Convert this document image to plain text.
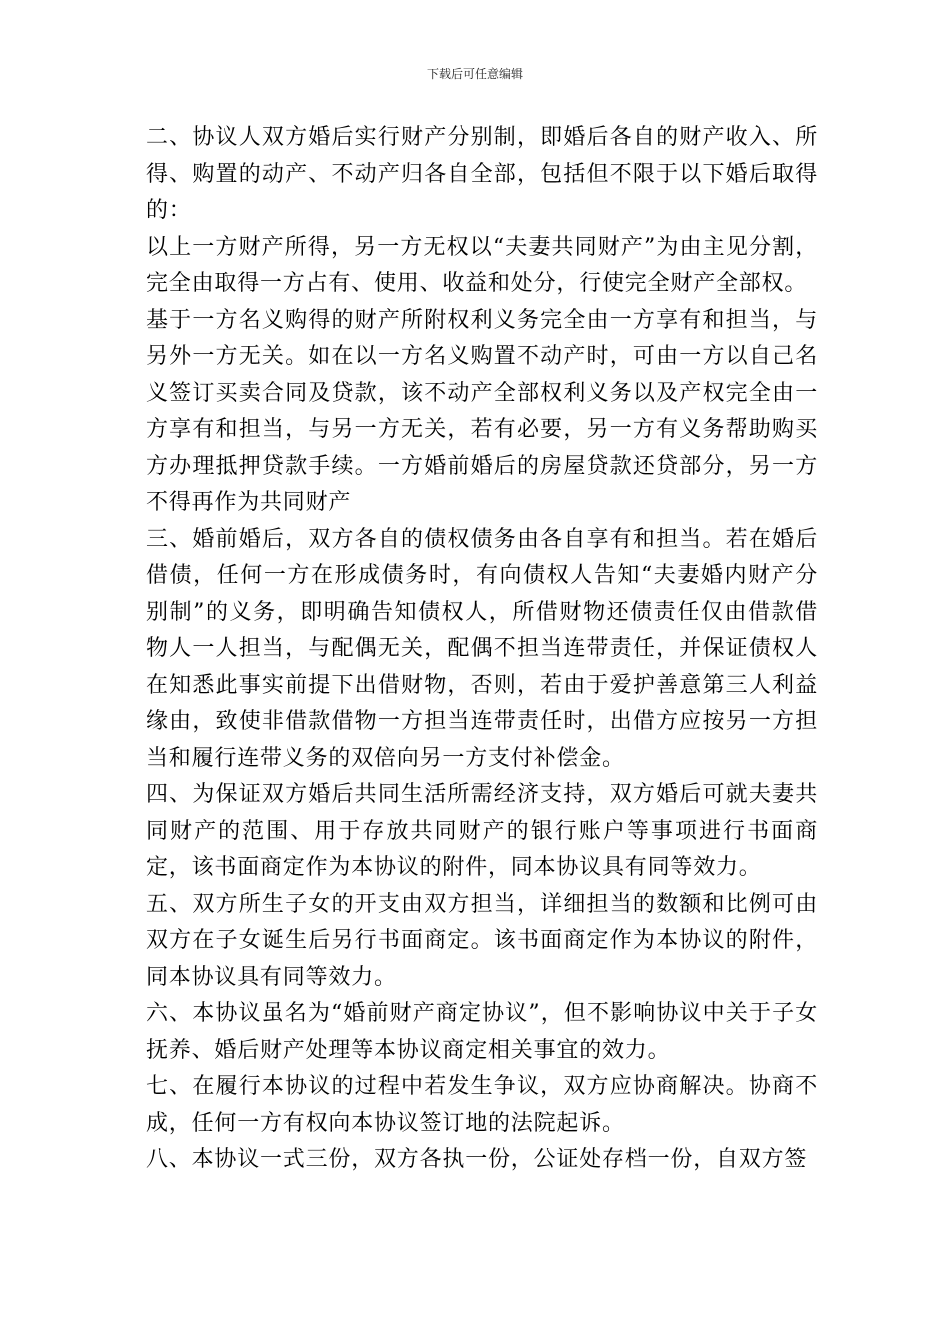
下载后可任意编辑

二、协议人双方婚后实行财产分别制，即婚后各自的财产收入、所得、购置的动产、不动产归各自全部，包括但不限于以下婚后取得的：

以上一方财产所得，另一方无权以“夫妻共同财产”为由主见分割，完全由取得一方占有、使用、收益和处分，行使完全财产全部权。

基于一方名义购得的财产所附权利义务完全由一方享有和担当，与另外一方无关。如在以一方名义购置不动产时，可由一方以自己名义签订买卖合同及贷款，该不动产全部权利义务以及产权完全由一方享有和担当，与另一方无关，若有必要，另一方有义务帮助购买方办理抵押贷款手续。一方婚前婚后的房屋贷款还贷部分，另一方不得再作为共同财产

三、婚前婚后，双方各自的债权债务由各自享有和担当。若在婚后借债，任何一方在形成债务时，有向债权人告知“夫妻婚内财产分别制”的义务，即明确告知债权人，所借财物还债责任仅由借款借物人一人担当，与配偶无关，配偶不担当连带责任，并保证债权人在知悉此事实前提下出借财物，否则，若由于爱护善意第三人利益缘由，致使非借款借物一方担当连带责任时，出借方应按另一方担当和履行连带义务的双倍向另一方支付补偿金。

四、为保证双方婚后共同生活所需经济支持，双方婚后可就夫妻共同财产的范围、用于存放共同财产的银行账户等事项进行书面商定，该书面商定作为本协议的附件，同本协议具有同等效力。

五、双方所生子女的开支由双方担当，详细担当的数额和比例可由双方在子女诞生后另行书面商定。该书面商定作为本协议的附件，同本协议具有同等效力。

六、本协议虽名为“婚前财产商定协议”，但不影响协议中关于子女抚养、婚后财产处理等本协议商定相关事宜的效力。

七、在履行本协议的过程中若发生争议，双方应协商解决。协商不成，任何一方有权向本协议签订地的法院起诉。

八、本协议一式三份，双方各执一份，公证处存档一份，自双方签
